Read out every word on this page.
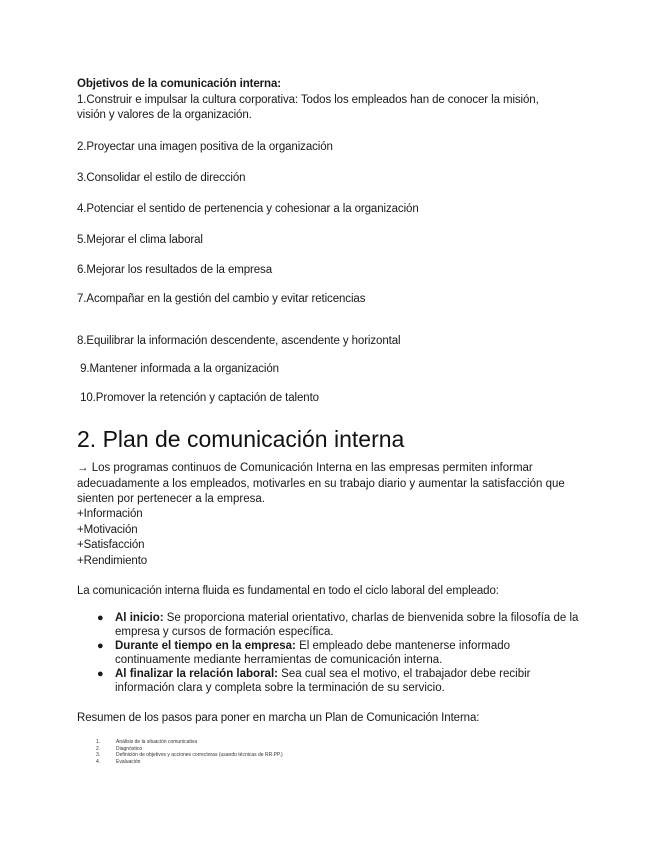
Objetivos de la comunicación interna:
1.Construir e impulsar la cultura corporativa: Todos los empleados han de conocer la misión,
visión y valores de la organización.
2.Proyectar una imagen positiva de la organización
3.Consolidar el estilo de dirección
4.Potenciar el sentido de pertenencia y cohesionar a la organización
5.Mejorar el clima laboral
6.Mejorar los resultados de la empresa
7.Acompañar en la gestión del cambio y evitar reticencias
8.Equilibrar la información descendente, ascendente y horizontal
9.Mantener informada a la organización
10.Promover la retención y captación de talento
2. Plan de comunicación interna
→ Los programas continuos de Comunicación Interna en las empresas permiten informar adecuadamente a los empleados, motivarles en su trabajo diario y aumentar la satisfacción que sienten por pertenecer a la empresa.
+Información
+Motivación
+Satisfacción
+Rendimiento
La comunicación interna fluida es fundamental en todo el ciclo laboral del empleado:
● Al inicio: Se proporciona material orientativo, charlas de bienvenida sobre la filosofía de la empresa y cursos de formación específica.
● Durante el tiempo en la empresa: El empleado debe mantenerse informado continuamente mediante herramientas de comunicación interna.
● Al finalizar la relación laboral: Sea cual sea el motivo, el trabajador debe recibir información clara y completa sobre la terminación de su servicio.
Resumen de los pasos para poner en marcha un Plan de Comunicación Interna:
1.	Análisis de la situación comunicativa
2.	Diagnóstico
3.	Definición de objetivos y acciones correctoras (usando técnicas de RR.PP.)
4.	Evaluación
